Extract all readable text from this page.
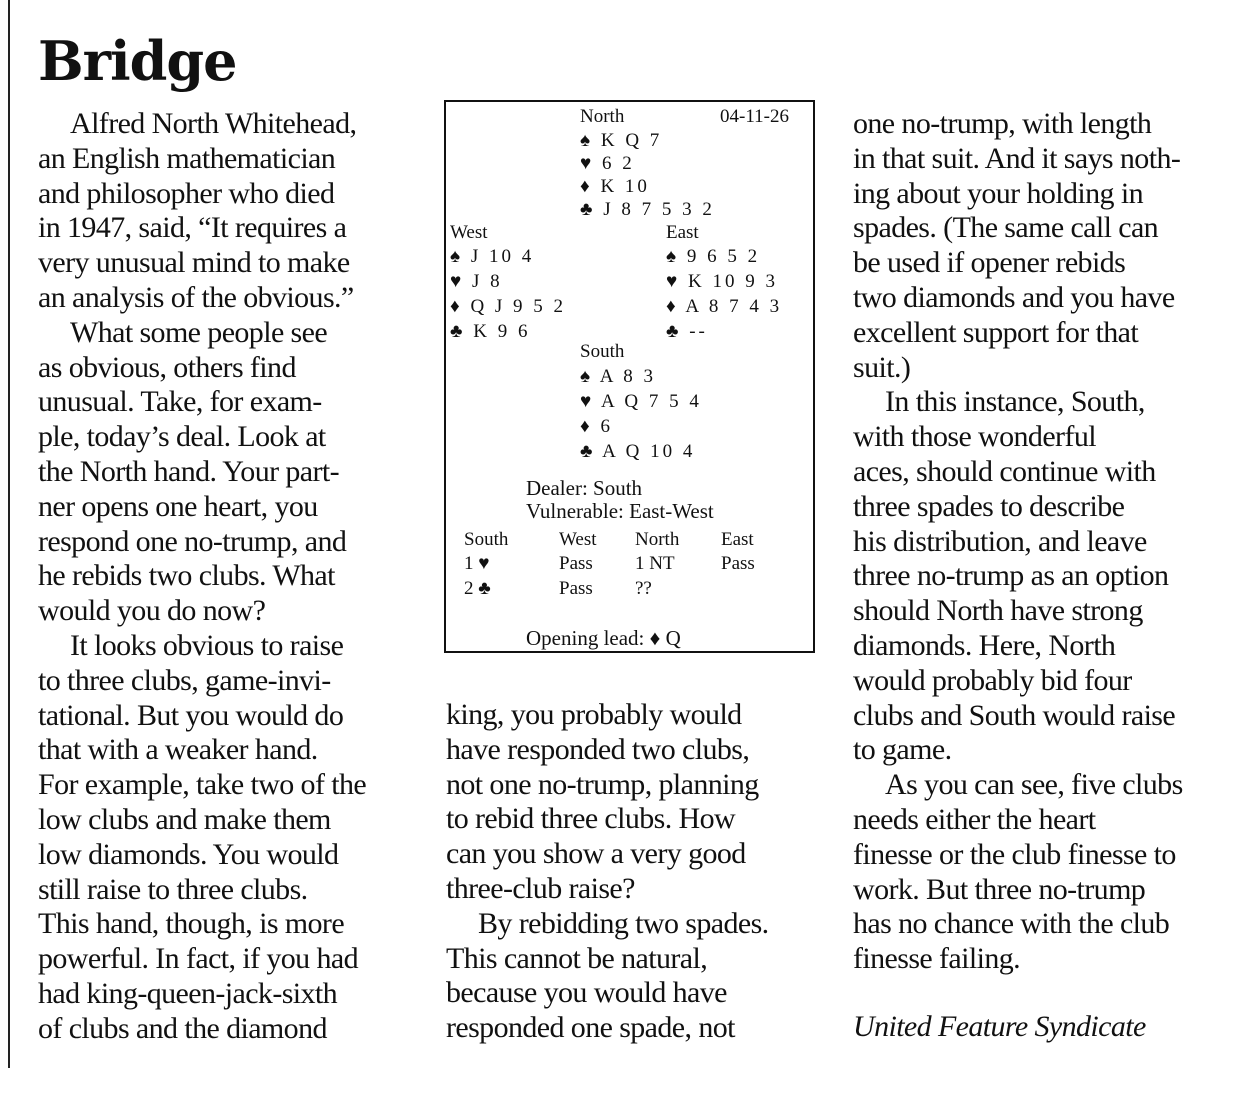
Bridge

Alfred North Whitehead,

an English mathematician

and philosopher who died

in 1947, said, “It requires a

very unusual mind to make

an analysis of the obvious.”

What some people see

as obvious, others find

unusual. Take, for exam-

ple, today’s deal. Look at

the North hand. Your part-

ner opens one heart, you

respond one no-trump, and

he rebids two clubs. What

would you do now?

It looks obvious to raise

to three clubs, game-invi-

tational. But you would do

that with a weaker hand.

For example, take two of the

low clubs and make them

low diamonds. You would

still raise to three clubs.

This hand, though, is more

powerful. In fact, if you had

had king-queen-jack-sixth

of clubs and the diamond

North	04-11-26
♠ K Q 7
♥ 6 2
♦ K 10
♣ J 8 7 5 3 2
West
♠ J 10 4
♥ J 8
♦ Q J 9 5 2
♣ K 9 6
East
♠ 9 6 5 2
♥ K 10 9 3
♦ A 8 7 4 3
♣ --
South
♠ A 8 3
♥ A Q 7 5 4
♦ 6
♣ A Q 10 4
Dealer: South
Vulnerable: East-West
South	West North East
1 ♥	Pass 1 NT Pass
2 ♣	Pass ??
Opening lead: ♦ Q

king, you probably would

have responded two clubs,

not one no-trump, planning

to rebid three clubs. How

can you show a very good

three-club raise?

By rebidding two spades.

This cannot be natural,

because you would have

responded one spade, not

one no-trump, with length

in that suit. And it says noth-

ing about your holding in

spades. (The same call can

be used if opener rebids

two diamonds and you have

excellent support for that

suit.)

In this instance, South,

with those wonderful

aces, should continue with

three spades to describe

his distribution, and leave

three no-trump as an option

should North have strong

diamonds. Here, North

would probably bid four

clubs and South would raise

to game.

As you can see, five clubs

needs either the heart

finesse or the club finesse to

work. But three no-trump

has no chance with the club

finesse failing.

United Feature Syndicate
